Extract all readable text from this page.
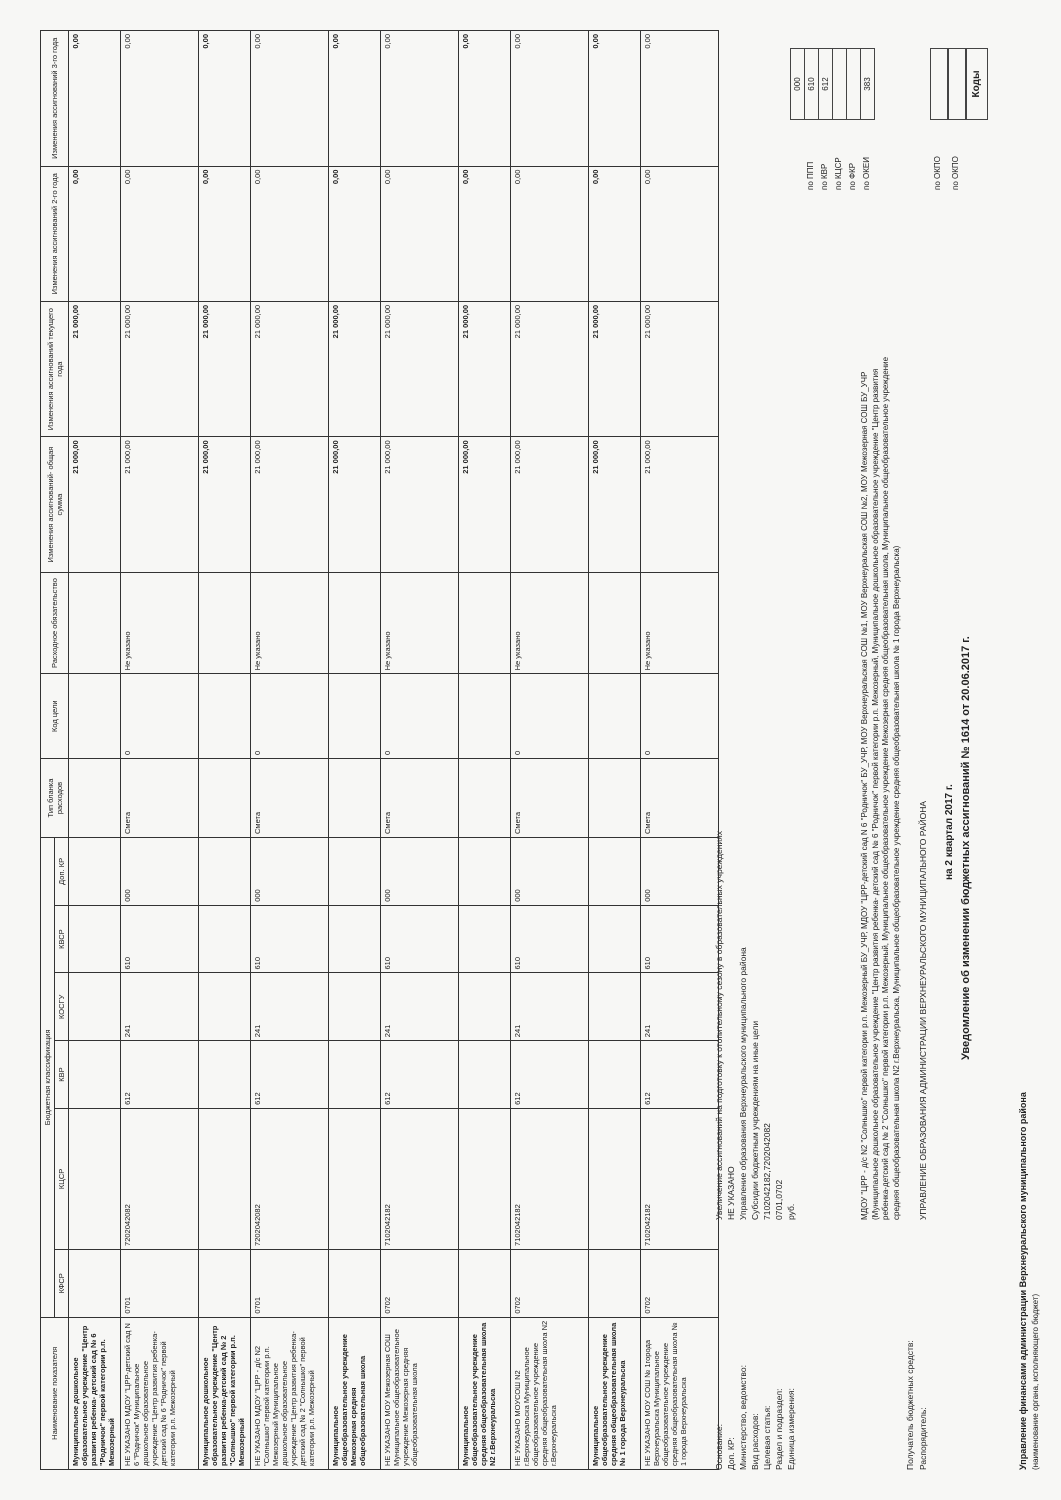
Управление финансами администрации Верхнеуральского муниципального района (наименование органа, исполняющего бюджет)
Уведомление об изменении бюджетных ассигнований № 1614 от 20.06.2017 г.
на 2 квартал 2017 г.
Распорядитель:
УПРАВЛЕНИЕ ОБРАЗОВАНИЯ АДМИНИСТРАЦИИ ВЕРХНЕУРАЛЬСКОГО МУНИЦИПАЛЬНОГО РАЙОНА
Получатель бюджетных средств:
МДОУ "ЦРР - д/с N2 "Солнышко" первой категории р.п. Межозерный БУ_УЧР, МДОУ "ЦРР-детский сад N 6 "Родничок" БУ_УЧР, МОУ Верхнеуральская СОШ №1, МОУ Верхнеуральская СОШ №2, МОУ Межозерная СОШ БУ_УЧР (Муниципальное дошкольное образовательное учреждение "Центр развития ребенка- детский сад № 6 "Родничок" первой категории р.п. Межозерный, Муниципальное дошкольное образовательное учреждение "Центр развития ребенка-детский сад № 2 "Солнышко" первой категории р.п. Межозерный, Муниципальное общеобразовательное учреждение Межозерная средняя общеобразовательная школа, Муниципальное общеобразовательное учреждение средняя общеобразовательная школа N2 г.Верхнеуральска, Муниципальное общеобразовательное учреждение средняя общеобразовательная школа № 1 города Верхнеуральска)
Единица измерения:
руб.
Раздел и подраздел:
0701,0702
Целевая статья:
7102042182,7202042082
Вид расходов:
Субсидии бюджетным учреждениям на иные цели
Министерство, ведомство:
Управление образования Верхнеуральского муниципального района
Доп. КР:
НЕ УКАЗАНО
Основание:
Увеличение ассигнований на подготовку к отопительному сезону в образовательных учреждениях
Коды
по ОКПО
по ОКПО
по ОКЕИ
383
по ФКР
по КЦСР
по КВР
612
по ППП
610
000
Наименование показателя	Бюджетная классификация						Тип бланка расходов	Код цели	Расходное обязательство	Изменения ассигнований- общая сумма	Изменения ассигнований текущего года	Изменения ассигнований 2-го года	Изменения ассигнований 3-го года
	КФСР	КЦСР	КВР	КОСГУ	КВСР	Доп. КР							
Муниципальное дошкольное образовательное учреждение "Центр развития ребенка- детский сад № 6 "Родничок" первой категории р.п. Межозерный										21 000,00	21 000,00	0,00	0,00
НЕ УКАЗАНО МДОУ "ЦРР-детский сад N 6 "Родничок" Муниципальное дошкольное образовательное учреждение "Центр развития ребенка- детский сад № 6 "Родничок" первой категории р.п. Межозерный	0701	7202042082	612	241	610	000	Смета	0	Не указано	21 000,00	21 000,00	0,00	0,00
Муниципальное дошкольное образовательное учреждение "Центр развития ребенка-детский сад № 2 "Солнышко" первой категории р.п. Межозерный										21 000,00	21 000,00	0,00	0,00
НЕ УКАЗАНО МДОУ "ЦРР - д/с N2 "Солнышко" первой категории р.п. Межозерный Муниципальное дошкольное образовательное учреждение "Центр развития ребенка-детский сад № 2 "Солнышко" первой категории р.п. Межозерный	0701	7202042082	612	241	610	000	Смета	0	Не указано	21 000,00	21 000,00	0,00	0,00
Муниципальное общеобразовательное учреждение Межозерная средняя общеобразовательная школа										21 000,00	21 000,00	0,00	0,00
НЕ УКАЗАНО МОУ Межозерная СОШ Муниципальное общеобразовательное учреждение Межозерная средняя общеобразовательная школа	0702	7102042182	612	241	610	000	Смета	0	Не указано	21 000,00	21 000,00	0,00	0,00
Муниципальное общеобразовательное учреждение средняя общеобразовательная школа N2 г.Верхнеуральска										21 000,00	21 000,00	0,00	0,00
НЕ УКАЗАНО МОУСОШ N2 г.Верхнеуральска Муниципальное общеобразовательное учреждение средняя общеобразовательная школа N2 г.Верхнеуральска	0702	7102042182	612	241	610	000	Смета	0	Не указано	21 000,00	21 000,00	0,00	0,00
Муниципальное общеобразовательное учреждение средняя общеобразовательная школа № 1 города Верхнеуральска										21 000,00	21 000,00	0,00	0,00
НЕ УКАЗАНО МОУ СОШ № 1города Верхнеуральска Муниципальное общеобразовательное учреждение средняя общеобразовательная школа № 1 города Верхнеуральска	0702	7102042182	612	241	610	000	Смета	0	Не указано	21 000,00	21 000,00	0,00	0,00
